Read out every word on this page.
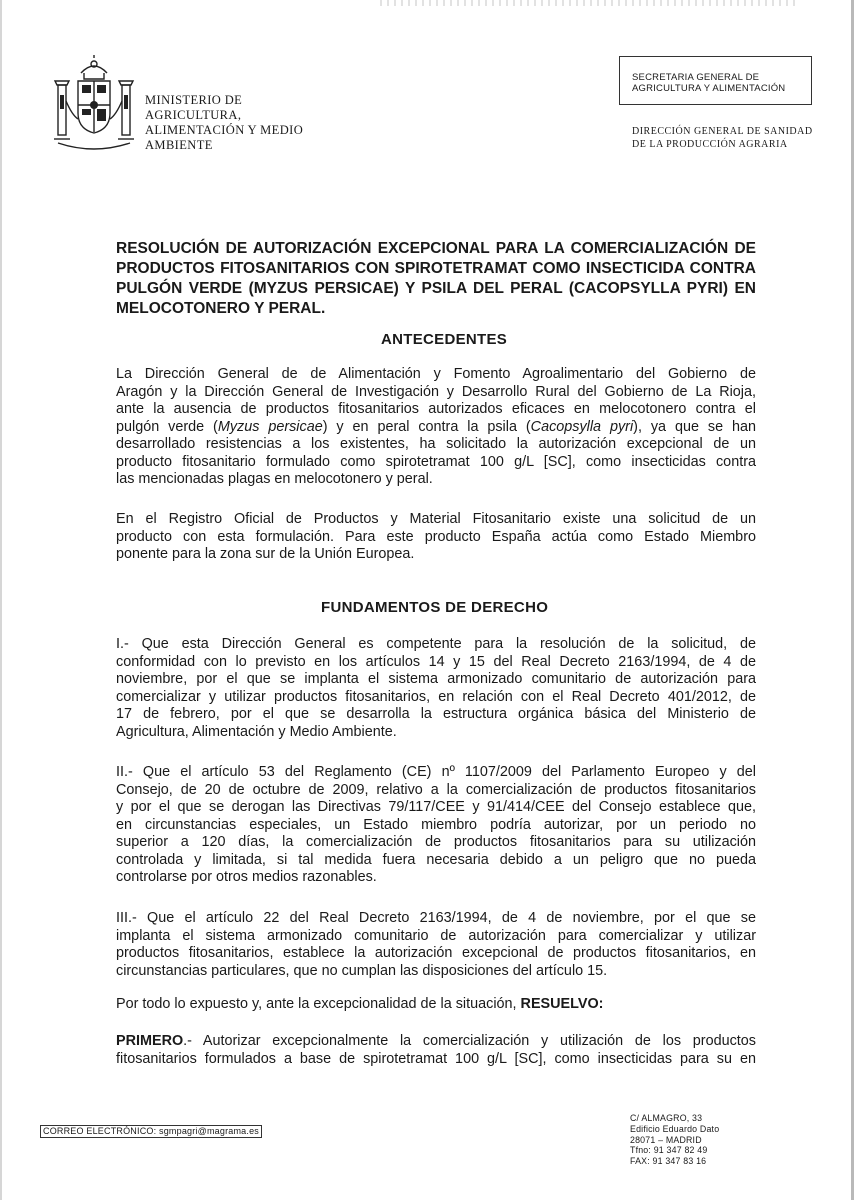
MINISTERIO DE
AGRICULTURA,
ALIMENTACIÓN Y MEDIO
AMBIENTE
SECRETARIA GENERAL DE
AGRICULTURA Y ALIMENTACIÓN
DIRECCIÓN GENERAL DE SANIDAD
DE LA PRODUCCIÓN AGRARIA
RESOLUCIÓN DE AUTORIZACIÓN EXCEPCIONAL PARA LA COMERCIALIZACIÓN DE
PRODUCTOS FITOSANITARIOS CON SPIROTETRAMAT COMO INSECTICIDA CONTRA
PULGÓN VERDE (MYZUS PERSICAE) Y PSILA DEL PERAL (CACOPSYLLA PYRI) EN
MELOCOTONERO Y PERAL.
ANTECEDENTES
La Dirección General de de Alimentación y Fomento Agroalimentario del Gobierno de
Aragón y la Dirección General de Investigación y Desarrollo Rural del Gobierno de La Rioja,
ante la ausencia de productos fitosanitarios autorizados eficaces en melocotonero contra el
pulgón verde (Myzus persicae) y en peral contra la psila (Cacopsylla pyri), ya que se han
desarrollado resistencias a los existentes, ha solicitado la autorización excepcional de un
producto fitosanitario formulado como spirotetramat 100 g/L [SC], como insecticidas contra
las mencionadas plagas en melocotonero y peral.
En el Registro Oficial de Productos y Material Fitosanitario existe una solicitud de un
producto con esta formulación. Para este producto España actúa como Estado Miembro
ponente para la zona sur de la Unión Europea.
FUNDAMENTOS DE DERECHO
I.- Que esta Dirección General es competente para la resolución de la solicitud, de
conformidad con lo previsto en los artículos 14 y 15 del Real Decreto 2163/1994, de 4 de
noviembre, por el que se implanta el sistema armonizado comunitario de autorización para
comercializar y utilizar productos fitosanitarios, en relación con el Real Decreto 401/2012, de
17 de febrero, por el que se desarrolla la estructura orgánica básica del Ministerio de
Agricultura, Alimentación y Medio Ambiente.
II.- Que el artículo 53 del Reglamento (CE) nº 1107/2009 del Parlamento Europeo y del
Consejo, de 20 de octubre de 2009, relativo a la comercialización de productos fitosanitarios
y por el que se derogan las Directivas 79/117/CEE y 91/414/CEE del Consejo establece que,
en circunstancias especiales, un Estado miembro podría autorizar, por un periodo no
superior a 120 días, la comercialización de productos fitosanitarios para su utilización
controlada y limitada, si tal medida fuera necesaria debido a un peligro que no pueda
controlarse por otros medios razonables.
III.- Que el artículo 22 del Real Decreto 2163/1994, de 4 de noviembre, por el que se
implanta el sistema armonizado comunitario de autorización para comercializar y utilizar
productos fitosanitarios, establece la autorización excepcional de productos fitosanitarios, en
circunstancias particulares, que no cumplan las disposiciones del artículo 15.
Por todo lo expuesto y, ante la excepcionalidad de la situación, RESUELVO:
PRIMERO.- Autorizar excepcionalmente la comercialización y utilización de los productos
fitosanitarios formulados a base de spirotetramat 100 g/L [SC], como insecticidas para su en
CORREO ELECTRÓNICO: sgmpagri@magrama.es
C/ ALMAGRO, 33
Edificio Eduardo Dato
28071 – MADRID
Tfno: 91 347 82 49
FAX: 91 347 83 16
